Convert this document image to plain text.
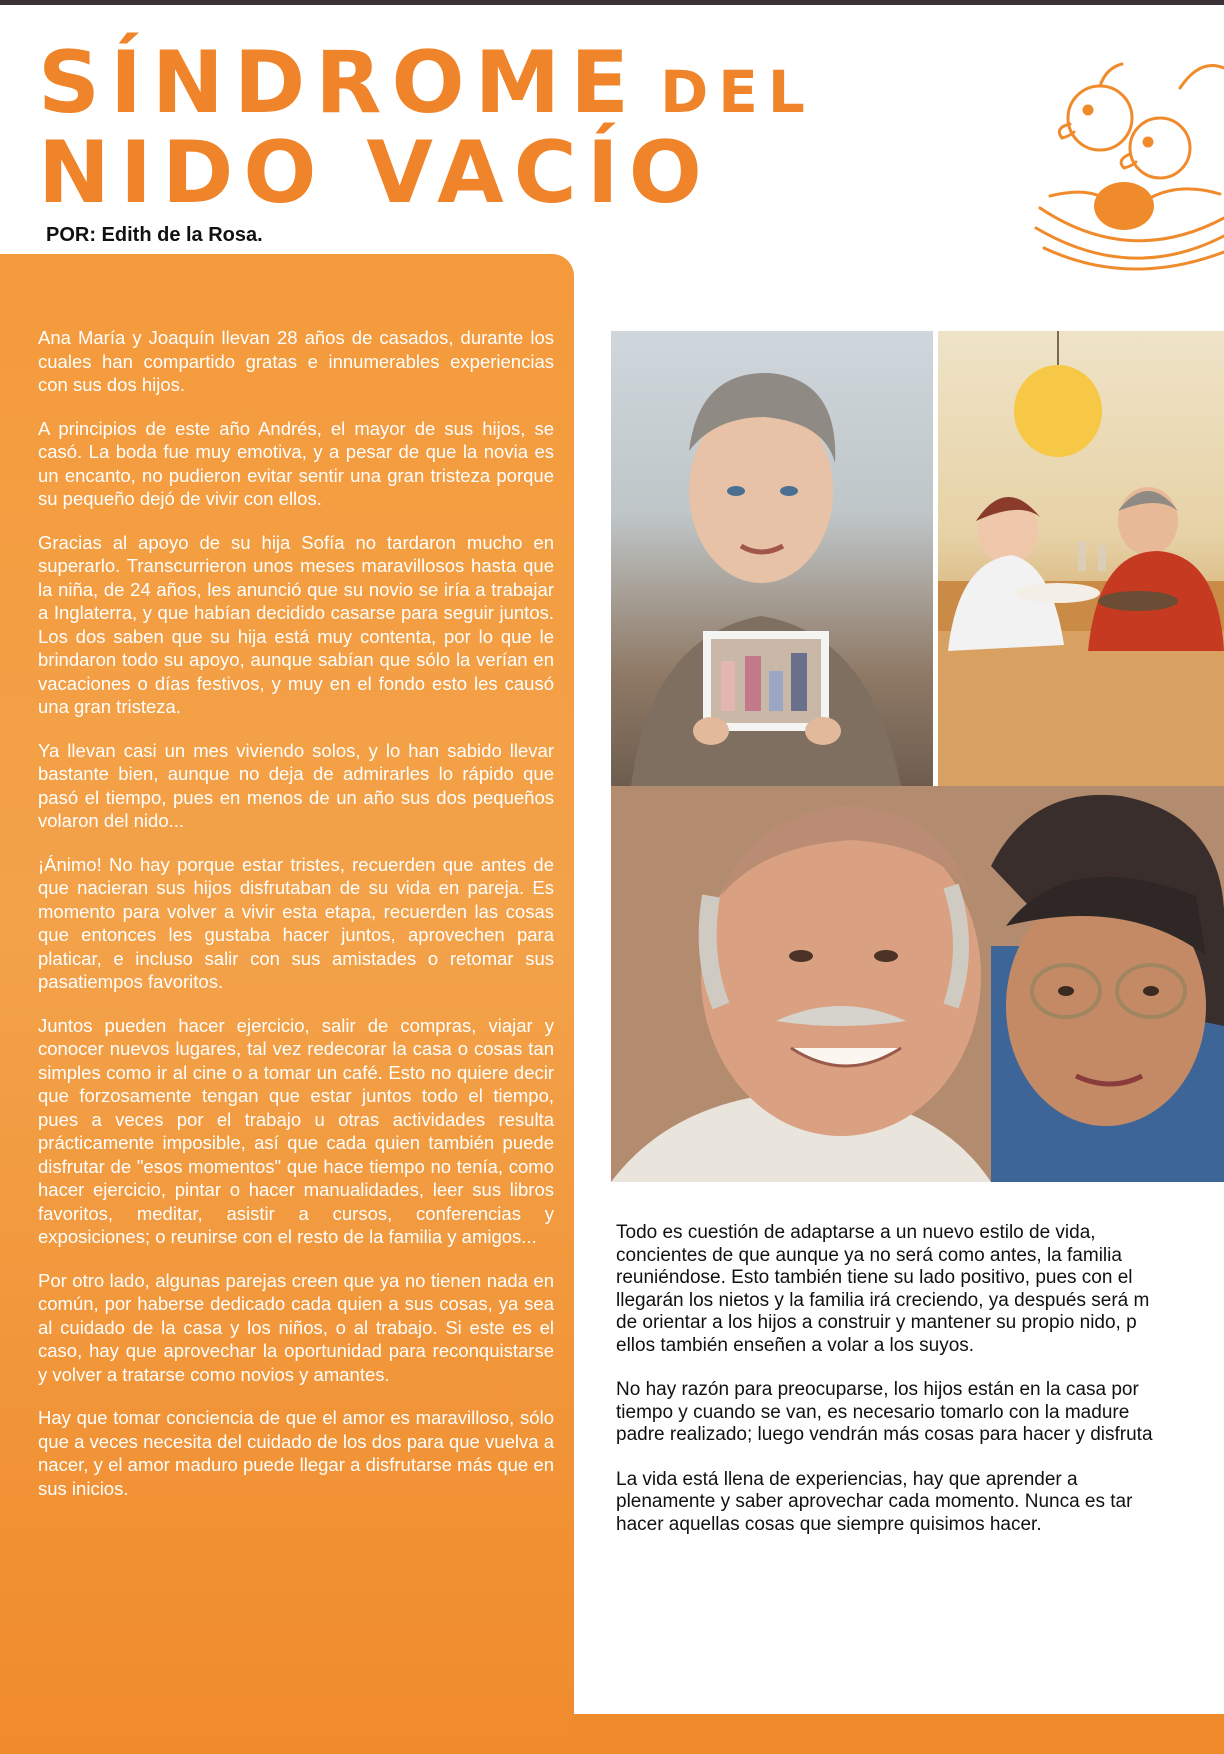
SÍNDROME DEL
NIDO VACÍO

POR: Edith de la Rosa.

Ana María y Joaquín llevan 28 años de casados, durante los cuales han compartido gratas e innumerables experiencias con sus dos hijos.

A principios de este año Andrés, el mayor de sus hijos, se casó. La boda fue muy emotiva, y a pesar de que la novia es un encanto, no pudieron evitar sentir una gran tristeza porque su pequeño dejó de vivir con ellos.

Gracias al apoyo de su hija Sofía no tardaron mucho en superarlo. Transcurrieron unos meses maravillosos hasta que la niña, de 24 años, les anunció que su novio se iría a trabajar a Inglaterra, y que habían decidido casarse para seguir juntos. Los dos saben que su hija está muy contenta, por lo que le brindaron todo su apoyo, aunque sabían que sólo la verían en vacaciones o días festivos, y muy en el fondo esto les causó una gran tristeza.

Ya llevan casi un mes viviendo solos, y lo han sabido llevar bastante bien, aunque no deja de admirarles lo rápido que pasó el tiempo, pues en menos de un año sus dos pequeños volaron del nido...

¡Ánimo! No hay porque estar tristes, recuerden que antes de que nacieran sus hijos disfrutaban de su vida en pareja. Es momento para volver a vivir esta etapa, recuerden las cosas que entonces les gustaba hacer juntos, aprovechen para platicar, e incluso salir con sus amistades o retomar sus pasatiempos favoritos.

Juntos pueden hacer ejercicio, salir de compras, viajar y conocer nuevos lugares, tal vez redecorar la casa o cosas tan simples como ir al cine o a tomar un café. Esto no quiere decir que forzosamente tengan que estar juntos todo el tiempo, pues a veces por el trabajo u otras actividades resulta prácticamente imposible, así que cada quien también puede disfrutar de "esos momentos" que hace tiempo no tenía, como hacer ejercicio, pintar o hacer manualidades, leer sus libros favoritos, meditar, asistir a cursos, conferencias y exposiciones; o reunirse con el resto de la familia y amigos...

Por otro lado, algunas parejas creen que ya no tienen nada en común, por haberse dedicado cada quien a sus cosas, ya sea al cuidado de la casa y los niños, o al trabajo. Si este es el caso, hay que aprovechar la oportunidad para reconquistarse y volver a tratarse como novios y amantes.

Hay que tomar conciencia de que el amor es maravilloso, sólo que a veces necesita del cuidado de los dos para que vuelva a nacer, y el amor maduro puede llegar a disfrutarse más que en sus inicios.

Todo es cuestión de adaptarse a un nuevo estilo de vida,
concientes de que aunque ya no será como antes, la familia
reuniéndose. Esto también tiene su lado positivo, pues con el
llegarán los nietos y la familia irá creciendo, ya después será m
de orientar a los hijos a construir y mantener su propio nido, p
ellos también enseñen a volar a los suyos.

No hay razón para preocuparse, los hijos están en la casa por
tiempo y cuando se van, es necesario tomarlo con la madure
padre realizado; luego vendrán más cosas para hacer y disfruta

La vida está llena de experiencias, hay que aprender a
plenamente y saber aprovechar cada momento. Nunca es tar
hacer aquellas cosas que siempre quisimos hacer.
